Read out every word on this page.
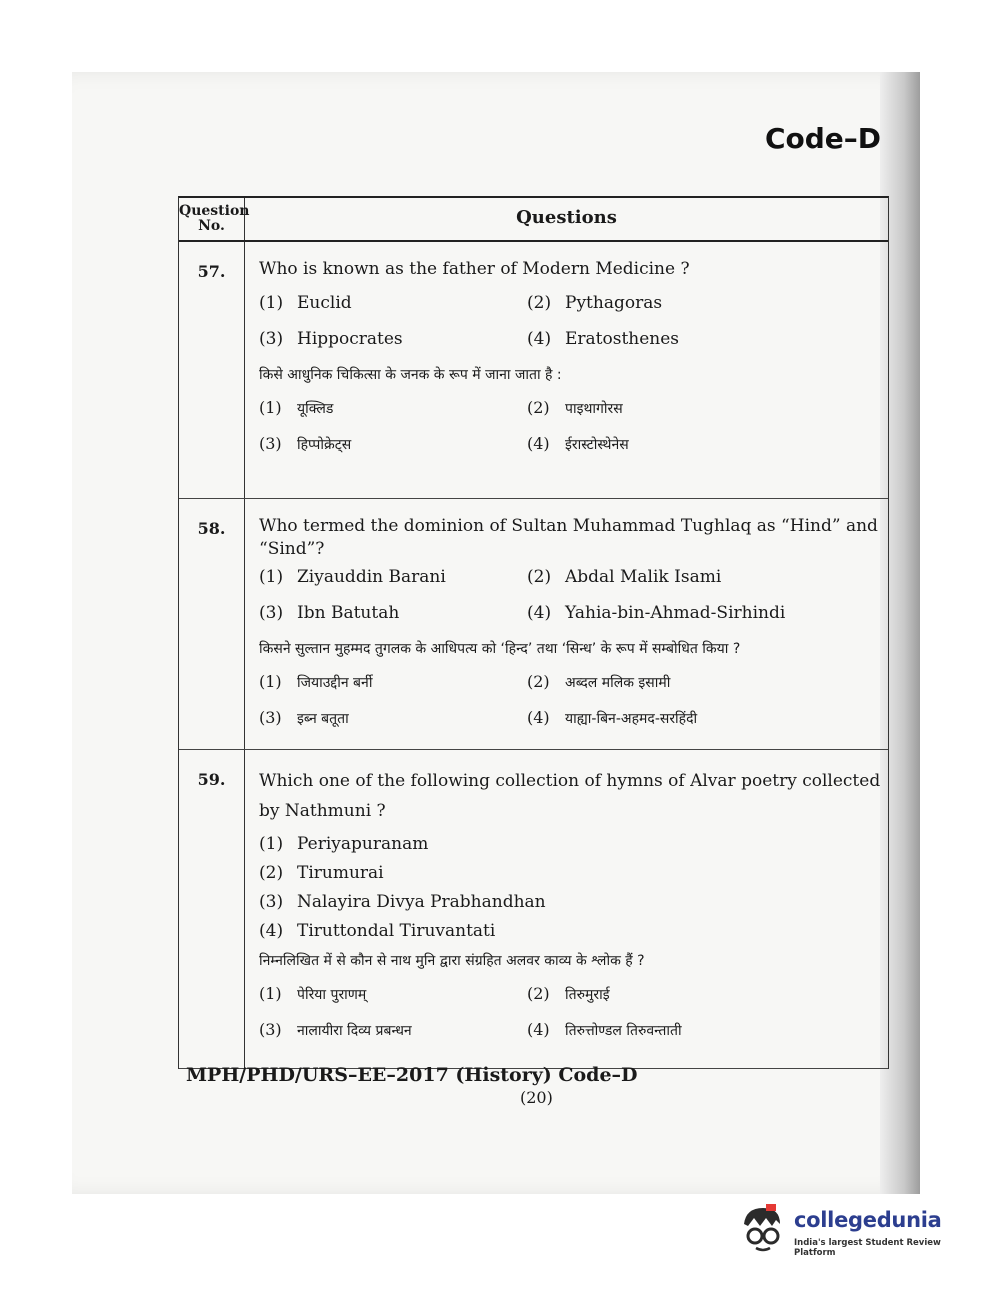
Code–D
Question No.	Questions
57.	Who is known as the father of Modern Medicine ?
(1) Euclid	(2) Pythagoras
(3) Hippocrates	(4) Eratosthenes
किसे आधुनिक चिकित्सा के जनक के रूप में जाना जाता है :
(1) यूक्लिड	(2) पाइथागोरस
(3) हिप्पोक्रेट्स	(4) ईरास्टोस्थेनेस
58.	Who termed the dominion of Sultan Muhammad Tughlaq as “Hind” and “Sind”?
(1) Ziyauddin Barani	(2) Abdal Malik Isami
(3) Ibn Batutah	(4) Yahia-bin-Ahmad-Sirhindi
किसने सुल्तान मुहम्मद तुगलक के आधिपत्य को ‘हिन्द’ तथा ‘सिन्ध’ के रूप में सम्बोधित किया ?
(1) जियाउद्दीन बर्नी	(2) अब्दल मलिक इसामी
(3) इब्न बतूता	(4) याह्या-बिन-अहमद-सरहिंदी
59.	Which one of the following collection of hymns of Alvar poetry collected by Nathmuni ?
(1) Periyapuranam
(2) Tirumurai
(3) Nalayira Divya Prabhandhan
(4) Tiruttondal Tiruvantati
निम्नलिखित में से कौन से नाथ मुनि द्वारा संग्रहित अलवर काव्य के श्लोक हैं ?
(1) पेरिया पुराणम्	(2) तिरुमुराई
(3) नालायीरा दिव्य प्रबन्धन	(4) तिरुत्तोण्डल तिरुवन्ताती
MPH/PHD/URS–EE–2017 (History) Code–D
(20)
collegedunia
India's largest Student Review Platform
